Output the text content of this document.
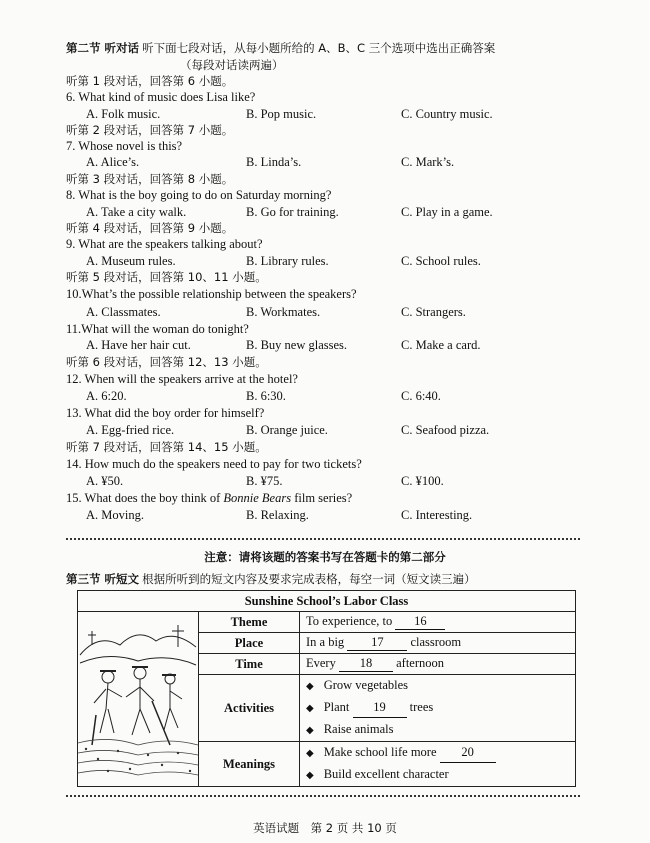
第二节 听对话 听下面七段对话，从每小题所给的 A、B、C 三个选项中选出正确答案
（每段对话读两遍）
听第 1 段对话，回答第 6 小题。
6. What kind of music does Lisa like?
A. Folk music.	B. Pop music.	C. Country music.
听第 2 段对话，回答第 7 小题。
7. Whose novel is this?
A. Alice’s.	B. Linda’s.	C. Mark’s.
听第 3 段对话，回答第 8 小题。
8. What is the boy going to do on Saturday morning?
A. Take a city walk.	B. Go for training.	C. Play in a game.
听第 4 段对话，回答第 9 小题。
9. What are the speakers talking about?
A. Museum rules.	B. Library rules.	C. School rules.
听第 5 段对话，回答第 10、11 小题。
10.What’s the possible relationship between the speakers?
A. Classmates.	B. Workmates.	C. Strangers.
11.What will the woman do tonight?
A. Have her hair cut.	B. Buy new glasses.	C. Make a card.
听第 6 段对话，回答第 12、13 小题。
12. When will the speakers arrive at the hotel?
A. 6:20.	B. 6:30.	C. 6:40.
13. What did the boy order for himself?
A. Egg-fried rice.	B. Orange juice.	C. Seafood pizza.
听第 7 段对话，回答第 14、15 小题。
14. How much do the speakers need to pay for two tickets?
A. ¥50.	B. ¥75.	C. ¥100.
15. What does the boy think of Bonnie Bears film series?
A. Moving.	B. Relaxing.	C. Interesting.
注意：请将该题的答案书写在答题卡的第二部分
第三节 听短文 根据所听到的短文内容及要求完成表格，每空一词（短文读三遍）
Sunshine School’s Labor Class		
	Theme	To experience, to 16
	Place	In a big 17 classroom
	Time	Every 18 afternoon
	Activities	◆ Grow vegetables
◆ Plant 19 trees
◆ Raise animals

	Meanings	◆ Make school life more 20
◆ Build excellent character
英语试题　第 2 页 共 10 页
